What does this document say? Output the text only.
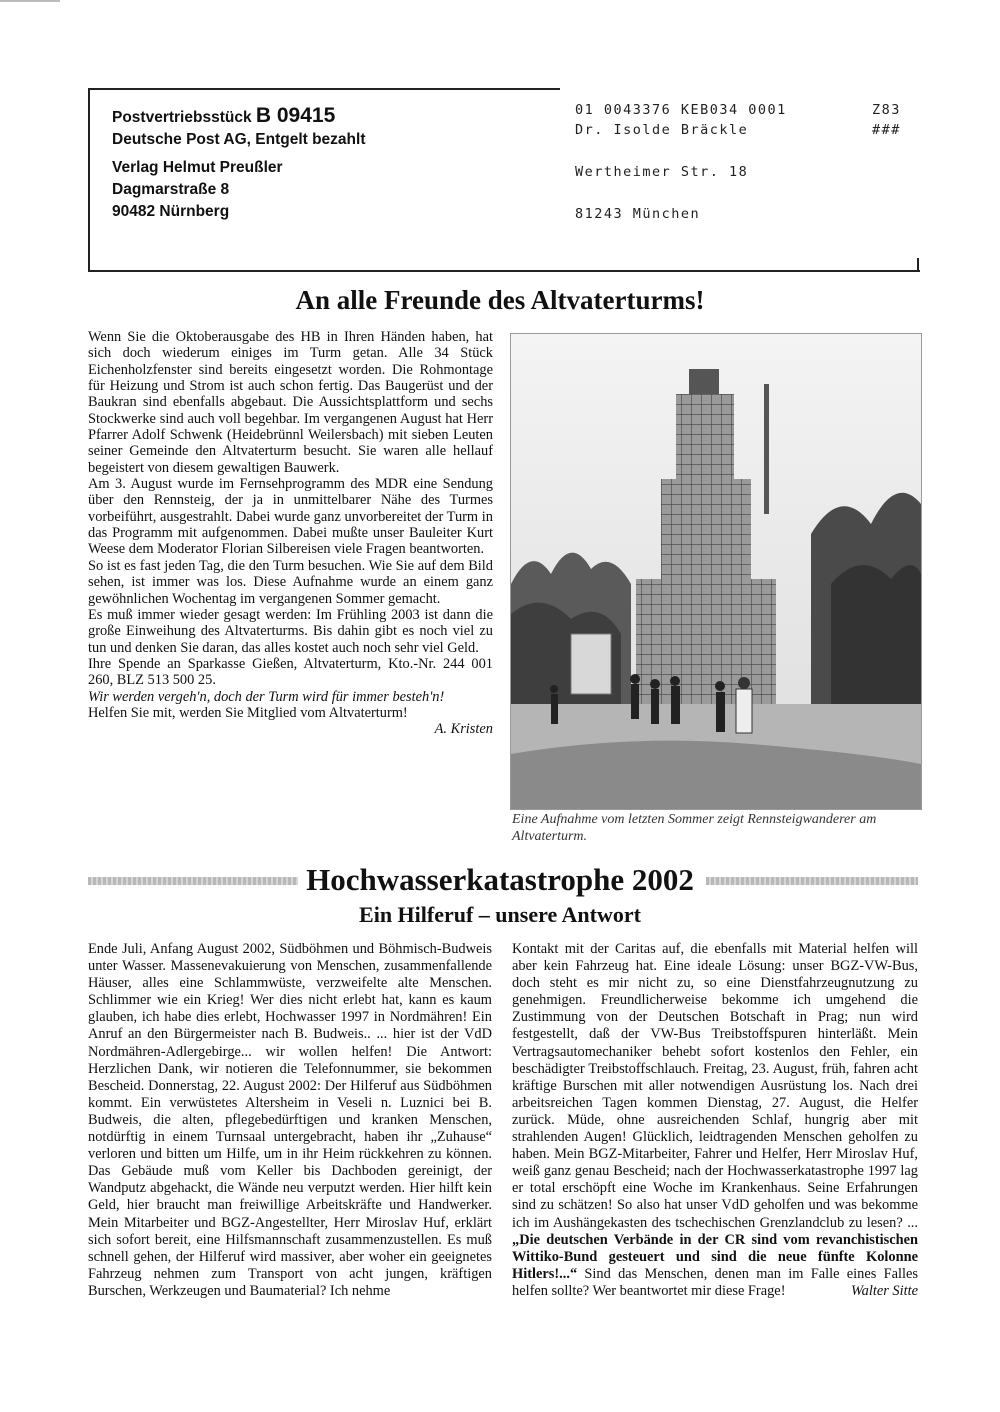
Postvertriebsstück B 09415
Deutsche Post AG, Entgelt bezahlt
Verlag Helmut Preußler
Dagmarstraße 8
90482 Nürnberg
01 0043376 KEB034 0001
Dr. Isolde Bräckle
Wertheimer Str. 18
81243 München
Z83
###
An alle Freunde des Altvaterturms!

Wenn Sie die Oktoberausgabe des HB in Ihren Händen haben, hat sich doch wiederum einiges im Turm getan. Alle 34 Stück Eichenholzfenster sind bereits eingesetzt worden. Die Rohmontage für Heizung und Strom ist auch schon fertig. Das Baugerüst und der Baukran sind ebenfalls abgebaut. Die Aussichtsplattform und sechs Stockwerke sind auch voll begehbar. Im vergangenen August hat Herr Pfarrer Adolf Schwenk (Heidebrünnl Weilersbach) mit sieben Leuten seiner Gemeinde den Altvaterturm besucht. Sie waren alle hellauf begeistert von diesem gewaltigen Bauwerk.

Am 3. August wurde im Fernsehprogramm des MDR eine Sendung über den Rennsteig, der ja in unmittelbarer Nähe des Turmes vorbeiführt, ausgestrahlt. Dabei wurde ganz unvorbereitet der Turm in das Programm mit aufgenommen. Dabei mußte unser Bauleiter Kurt Weese dem Moderator Florian Silbereisen viele Fragen beantworten.

So ist es fast jeden Tag, die den Turm besuchen. Wie Sie auf dem Bild sehen, ist immer was los. Diese Aufnahme wurde an einem ganz gewöhnlichen Wochentag im vergangenen Sommer gemacht.

Es muß immer wieder gesagt werden: Im Frühling 2003 ist dann die große Einweihung des Altvaterturms. Bis dahin gibt es noch viel zu tun und denken Sie daran, das alles kostet auch noch sehr viel Geld.

Ihre Spende an Sparkasse Gießen, Altvaterturm, Kto.-Nr. 244 001 260, BLZ 513 500 25.

Wir werden vergeh'n, doch der Turm wird für immer besteh'n!

Helfen Sie mit, werden Sie Mitglied vom Altvaterturm!

A. Kristen

Eine Aufnahme vom letzten Sommer zeigt Rennsteigwanderer am Altvaterturm.
Hochwasserkatastrophe 2002
Ein Hilferuf – unsere Antwort

Ende Juli, Anfang August 2002, Südböhmen und Böhmisch-Budweis unter Wasser. Massenevakuierung von Menschen, zusammenfallende Häuser, alles eine Schlammwüste, verzweifelte alte Menschen. Schlimmer wie ein Krieg! Wer dies nicht erlebt hat, kann es kaum glauben, ich habe dies erlebt, Hochwasser 1997 in Nordmähren! Ein Anruf an den Bürgermeister nach B. Budweis.. ... hier ist der VdD Nordmähren-Adlergebirge... wir wollen helfen! Die Antwort: Herzlichen Dank, wir notieren die Telefonnummer, sie bekommen Bescheid. Donnerstag, 22. August 2002: Der Hilferuf aus Südböhmen kommt. Ein verwüstetes Altersheim in Veseli n. Luznici bei B. Budweis, die alten, pflegebedürftigen und kranken Menschen, notdürftig in einem Turnsaal untergebracht, haben ihr „Zuhause“ verloren und bitten um Hilfe, um in ihr Heim rückkehren zu können. Das Gebäude muß vom Keller bis Dachboden gereinigt, der Wandputz abgehackt, die Wände neu verputzt werden. Hier hilft kein Geld, hier braucht man freiwillige Arbeitskräfte und Handwerker. Mein Mitarbeiter und BGZ-Angestellter, Herr Miroslav Huf, erklärt sich sofort bereit, eine Hilfsmannschaft zusammenzustellen. Es muß schnell gehen, der Hilferuf wird massiver, aber woher ein geeignetes Fahrzeug nehmen zum Transport von acht jungen, kräftigen Burschen, Werkzeugen und Baumaterial? Ich nehme

Kontakt mit der Caritas auf, die ebenfalls mit Material helfen will aber kein Fahrzeug hat. Eine ideale Lösung: unser BGZ-VW-Bus, doch steht es mir nicht zu, so eine Dienstfahrzeugnutzung zu genehmigen. Freundlicherweise bekomme ich umgehend die Zustimmung von der Deutschen Botschaft in Prag; nun wird festgestellt, daß der VW-Bus Treibstoffspuren hinterläßt. Mein Vertragsautomechaniker behebt sofort kostenlos den Fehler, ein beschädigter Treibstoffschlauch. Freitag, 23. August, früh, fahren acht kräftige Burschen mit aller notwendigen Ausrüstung los. Nach drei arbeitsreichen Tagen kommen Dienstag, 27. August, die Helfer zurück. Müde, ohne ausreichenden Schlaf, hungrig aber mit strahlenden Augen! Glücklich, leidtragenden Menschen geholfen zu haben. Mein BGZ-Mitarbeiter, Fahrer und Helfer, Herr Miroslav Huf, weiß ganz genau Bescheid; nach der Hochwasserkatastrophe 1997 lag er total erschöpft eine Woche im Krankenhaus. Seine Erfahrungen sind zu schätzen! So also hat unser VdD geholfen und was bekomme ich im Aushängekasten des tschechischen Grenzlandclub zu lesen? ... „Die deutschen Verbände in der CR sind vom revanchistischen Wittiko-Bund gesteuert und sind die neue fünfte Kolonne Hitlers!...“ Sind das Menschen, denen man im Falle eines Falles helfen sollte? Wer beantwortet mir diese Frage!	Walter Sitte
